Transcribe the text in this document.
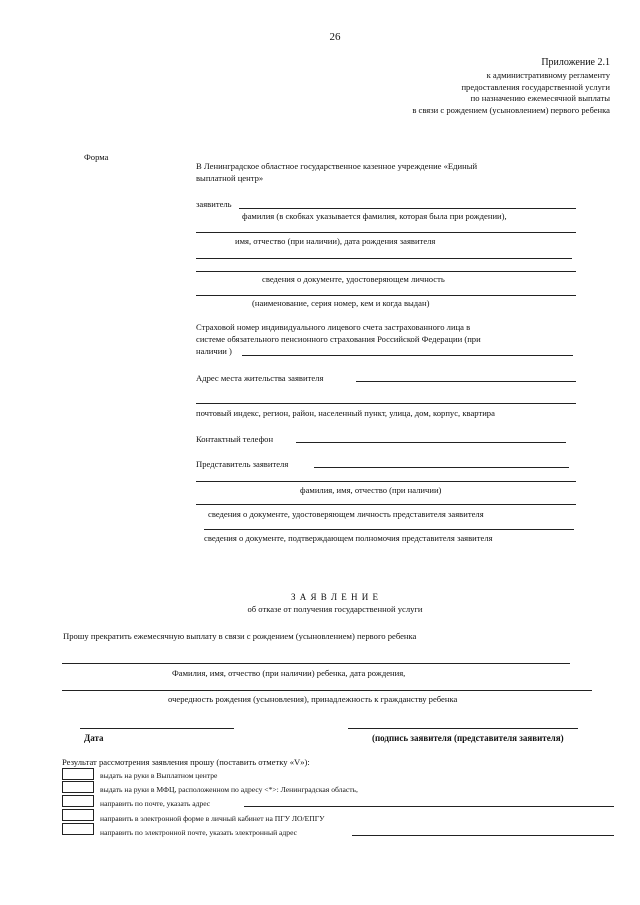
26
Приложение 2.1
к административному регламенту
предоставления государственной услуги
по назначению ежемесячной выплаты
в связи с рождением (усыновлением) первого ребенка
Форма
В Ленинградское областное государственное казенное учреждение «Единый
выплатной центр»
заявитель
фамилия (в скобках указывается фамилия, которая была при рождении),
имя, отчество (при наличии), дата рождения заявителя
сведения о документе, удостоверяющем личность
(наименование, серия номер, кем и когда выдан)
Страховой номер индивидуального лицевого счета застрахованного лица в
системе обязательного пенсионного страхования Российской Федерации (при
наличии )
Адрес места жительства заявителя
почтовый индекс, регион, район, населенный пункт, улица, дом, корпус, квартира
Контактный телефон
Представитель заявителя
фамилия, имя, отчество (при наличии)
сведения о документе, удостоверяющем личность представителя заявителя
сведения о документе, подтверждающем полномочия представителя заявителя
З А Я В Л Е Н И Е
об отказе от получения государственной услуги
Прошу прекратить ежемесячную выплату в связи с рождением (усыновлением) первого ребенка
Фамилия, имя, отчество (при наличии) ребенка, дата рождения,
очередность рождения (усыновления), принадлежность к гражданству ребенка
Дата	(подпись заявителя (представителя заявителя)
Результат рассмотрения заявления прошу (поставить отметку «V»):
выдать на руки в Выплатном центре
выдать на руки в МФЦ, расположенном по адресу <*>: Ленинградская область,
направить по почте, указать адрес
направить в электронной форме в личный кабинет на ПГУ ЛО/ЕПГУ
направить по электронной почте, указать электронный адрес
